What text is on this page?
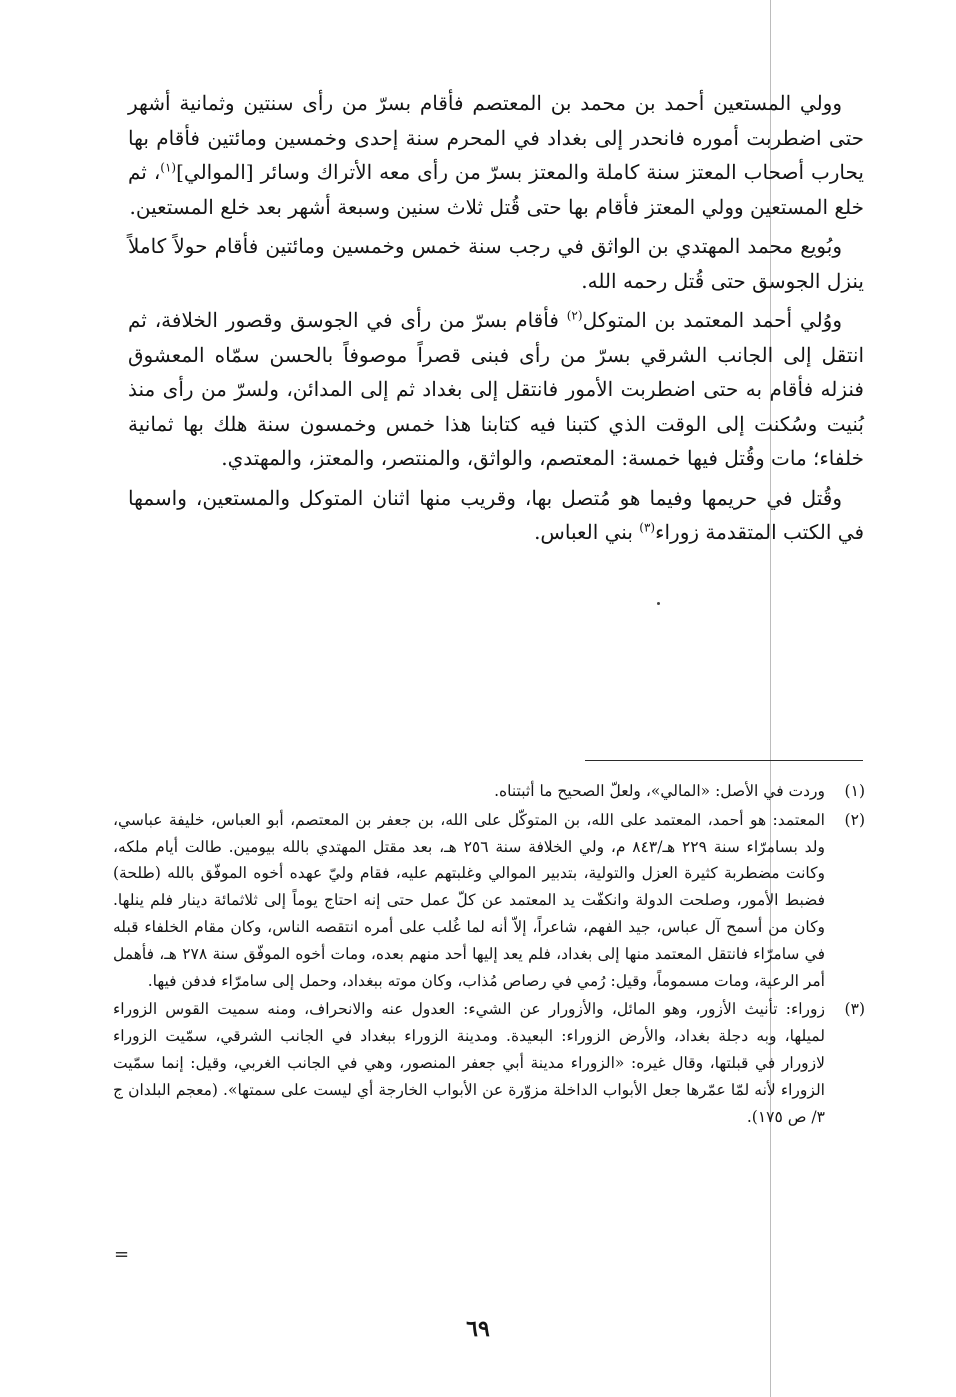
وولي المستعين أحمد بن محمد بن المعتصم فأقام بسرّ من رأى سنتين وثمانية أشهر حتى اضطربت أموره فانحدر إلى بغداد في المحرم سنة إحدى وخمسين ومائتين فأقام بها يحارب أصحاب المعتز سنة كاملة والمعتز بسرّ من رأى معه الأتراك وسائر [الموالي]$^{(١)}$، ثم خلع المستعين وولي المعتز فأقام بها حتى قُتل ثلاث سنين وسبعة أشهر بعد خلع المستعين.

وبُويع محمد المهتدي بن الواثق في رجب سنة خمس وخمسين ومائتين فأقام حولاً كاملاً ينزل الجوسق حتى قُتل رحمه الله.

ووُلي أحمد المعتمد بن المتوكل$^{(٢)}$ فأقام بسرّ من رأى في الجوسق وقصور الخلافة، ثم انتقل إلى الجانب الشرقي بسرّ من رأى فبنى قصراً موصوفاً بالحسن سمّاه المعشوق فنزله فأقام به حتى اضطربت الأمور فانتقل إلى بغداد ثم إلى المدائن، ولسرّ من رأى منذ بُنيت وسُكنت إلى الوقت الذي كتبنا فيه كتابنا هذا خمس وخمسون سنة هلك بها ثمانية خلفاء؛ مات وقُتل فيها خمسة: المعتصم، والواثق، والمنتصر، والمعتز، والمهتدي.

وقُتل في حريمها وفيما هو مُتصل بها، وقريب منها اثنان المتوكل والمستعين، واسمها في الكتب المتقدمة زوراء$^{(٣)}$ بني العباس.

(١)
وردت في الأصل: «المالي»، ولعلّ الصحيح ما أثبتناه.
(٢)
المعتمد: هو أحمد، المعتمد على الله، بن المتوكّل على الله، بن جعفر بن المعتصم، أبو العباس، خليفة عباسي، ولد بسامرّاء سنة ٢٢٩ هـ/٨٤٣ م، ولي الخلافة سنة ٢٥٦ هـ، بعد مقتل المهتدي بالله بيومين. طالت أيام ملكه، وكانت مضطربة كثيرة العزل والتولية، بتدبير الموالي وغلبتهم عليه، فقام وليّ عهده أخوه الموفّق بالله (طلحة) فضبط الأمور، وصلحت الدولة وانكفّت يد المعتمد عن كلّ عمل حتى إنه احتاج يوماً إلى ثلاثمائة دينار فلم ينلها. وكان من أسمح آل عباس، جيد الفهم، شاعراً، إلاّ أنه لما غُلب على أمره انتقصه الناس، وكان مقام الخلفاء قبله في سامرّاء فانتقل المعتمد منها إلى بغداد، فلم يعد إليها أحد منهم بعده، ومات أخوه الموفّق سنة ٢٧٨ هـ، فأهمل أمر الرعية، ومات مسموماً، وقيل: رُمي في رصاص مُذاب، وكان موته ببغداد، وحمل إلى سامرّاء فدفن فيها.
(٣)
زوراء: تأنيث الأزور، وهو المائل، والأزورار عن الشيء: العدول عنه والانحراف، ومنه سميت القوس الزوراء لميلها، وبه دجلة بغداد، والأرض الزوراء: البعيدة. ومدينة الزوراء ببغداد في الجانب الشرقي، سمّيت الزوراء لازورار في قبلتها، وقال غيره: «الزوراء مدينة أبي جعفر المنصور، وهي في الجانب الغربي، وقيل: إنما سمّيت الزوراء لأنه لمّا عمّرها جعل الأبواب الداخلة مزوّرة عن الأبواب الخارجة أي ليست على سمتها». (معجم البلدان ج ٣/ ص ١٧٥).
=
٦٩
